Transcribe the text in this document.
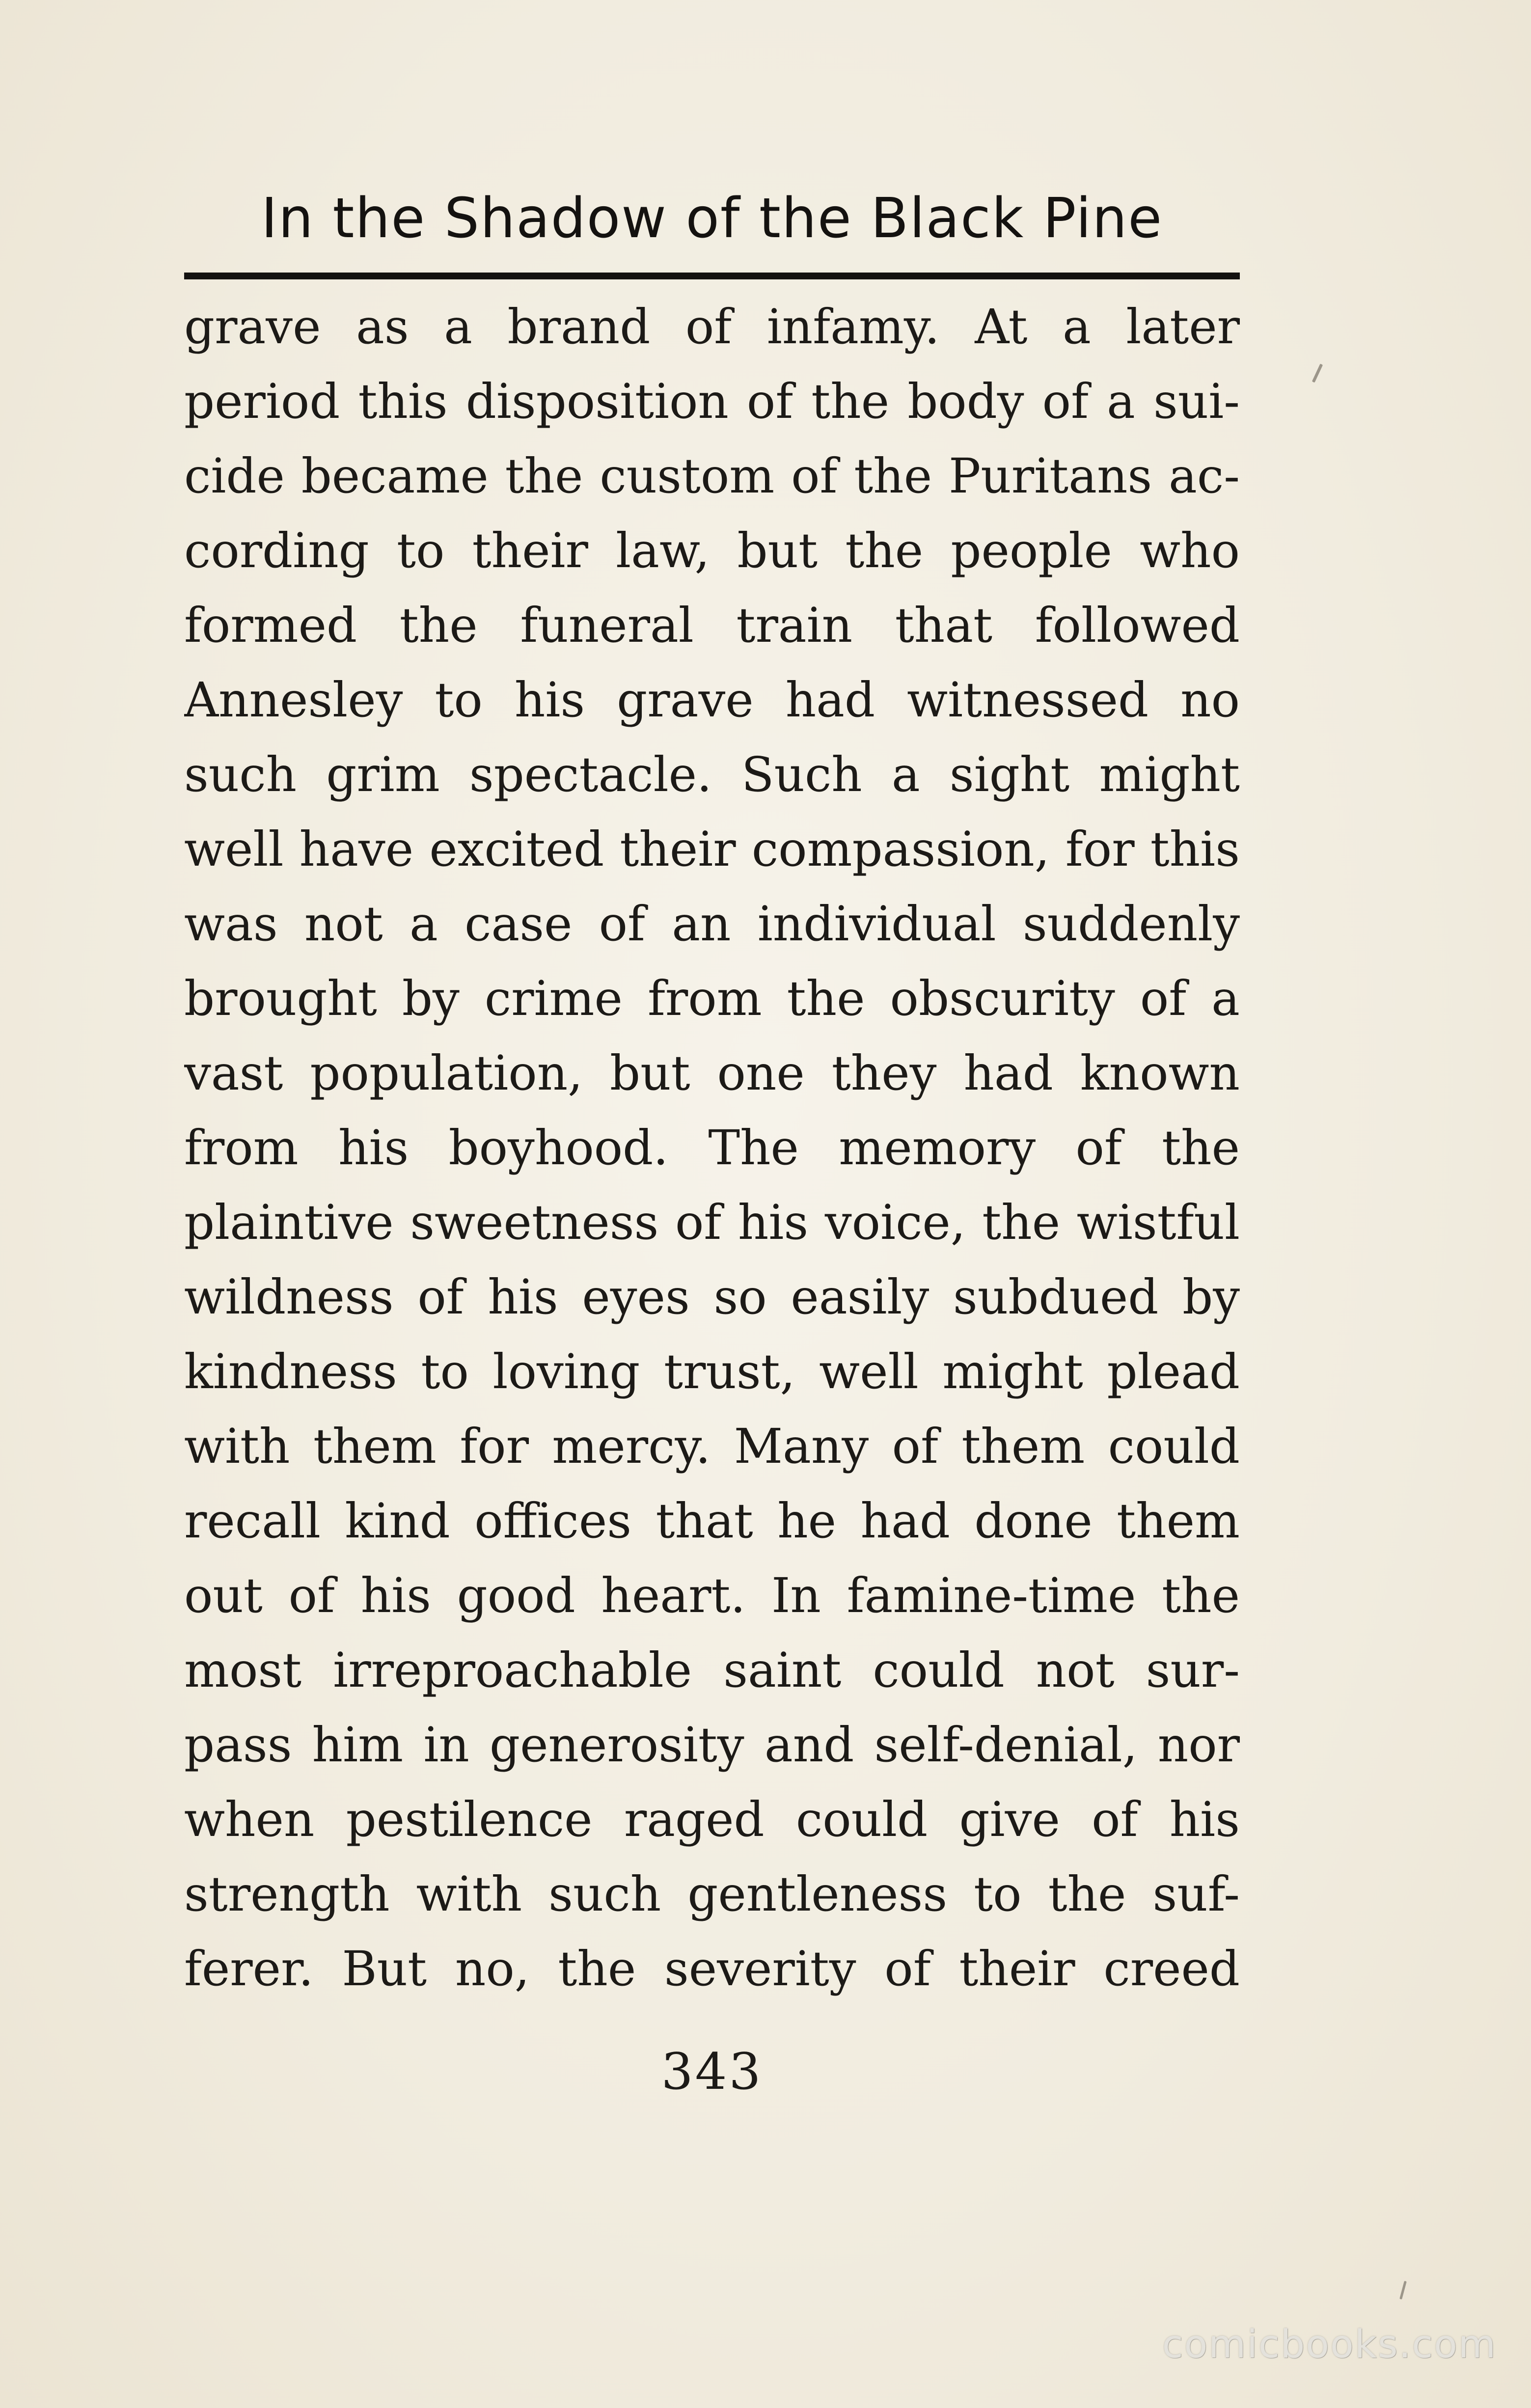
In the Shadow of the Black Pine
grave as a brand of infamy. At a later
period this disposition of the body of a sui-
cide became the custom of the Puritans ac-
cording to their law, but the people who
formed the funeral train that followed
Annesley to his grave had witnessed no
such grim spectacle. Such a sight might
well have excited their compassion, for this
was not a case of an individual suddenly
brought by crime from the obscurity of a
vast population, but one they had known
from his boyhood. The memory of the
plaintive sweetness of his voice, the wistful
wildness of his eyes so easily subdued by
kindness to loving trust, well might plead
with them for mercy. Many of them could
recall kind offices that he had done them
out of his good heart. In famine-time the
most irreproachable saint could not sur-
pass him in generosity and self-denial, nor
when pestilence raged could give of his
strength with such gentleness to the suf-
ferer. But no, the severity of their creed
343
comicbooks.com
